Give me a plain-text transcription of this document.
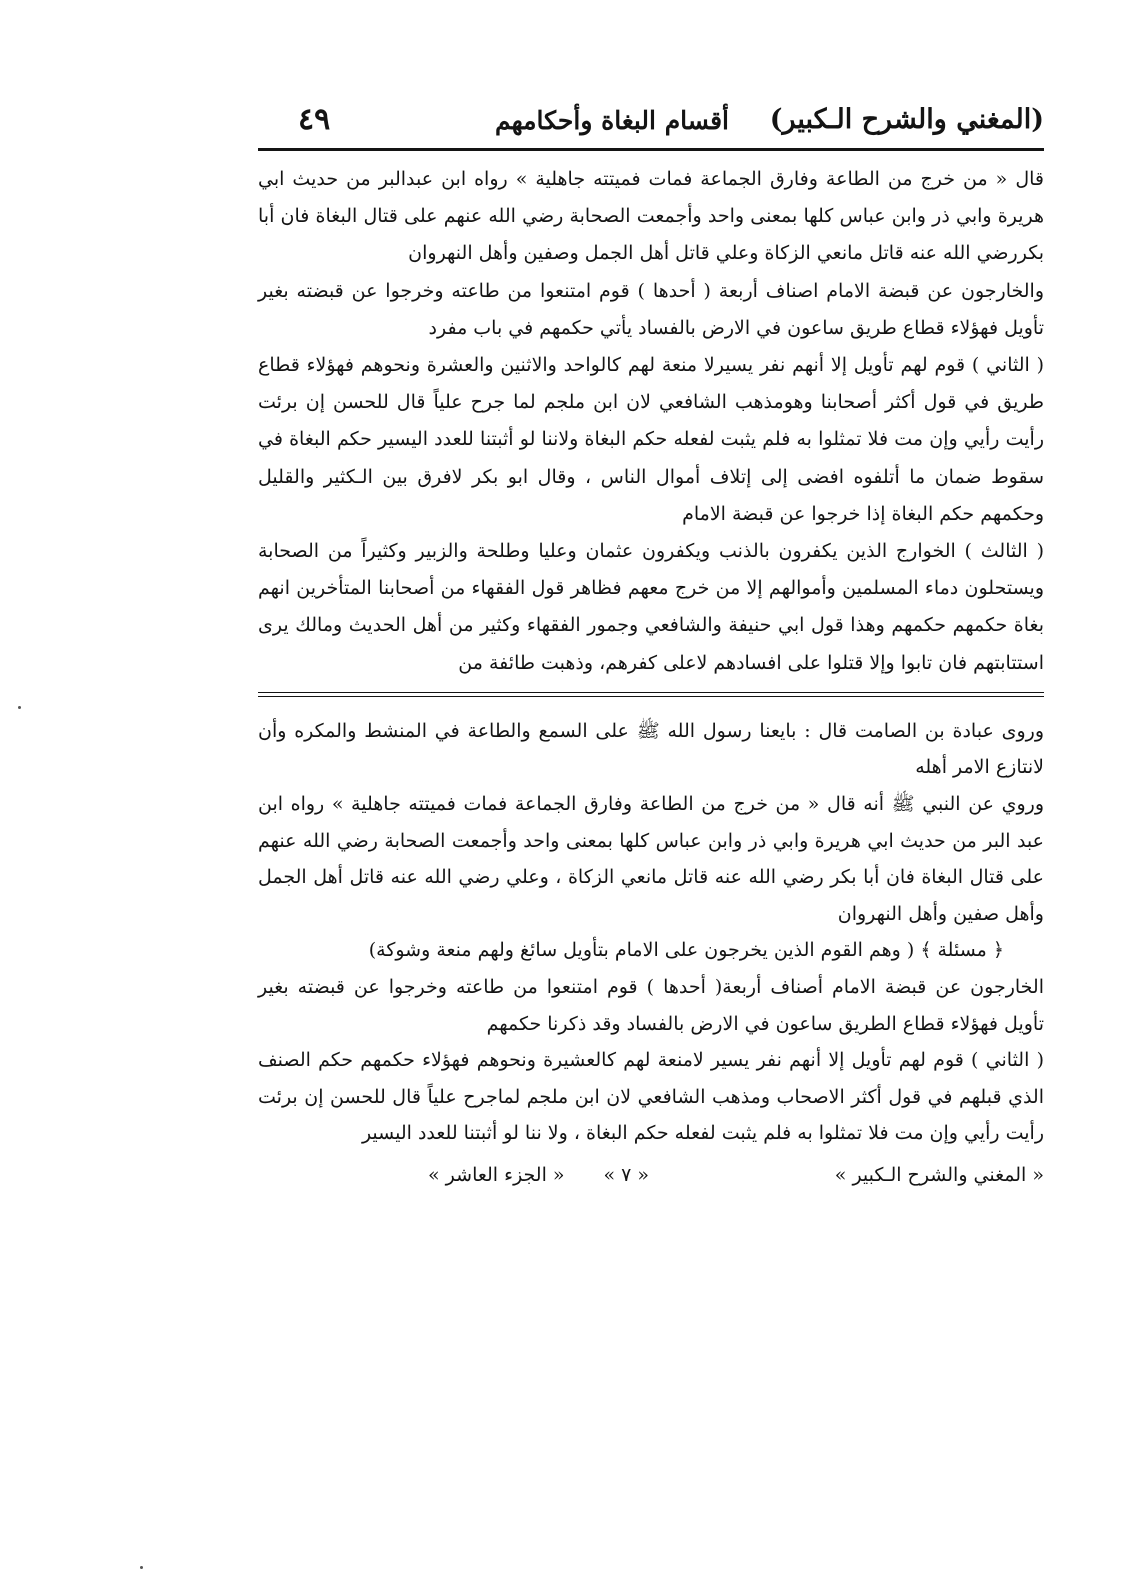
(المغني والشرح الـكبير)
أقسام البغاة وأحكامهم
٤٩

قال « من خرج من الطاعة وفارق الجماعة فمات فميتته جاهلية » رواه ابن عبدالبر من حديث ابي هريرة وابي ذر وابن عباس كلها بمعنى واحد وأجمعت الصحابة رضي الله عنهم على قتال البغاة فان أبا بكررضي الله عنه قاتل مانعي الزكاة وعلي قاتل أهل الجمل وصفين وأهل النهروان

والخارجون عن قبضة الامام اصناف أربعة ( أحدها ) قوم امتنعوا من طاعته وخرجوا عن قبضته بغير تأويل فهؤلاء قطاع طريق ساعون في الارض بالفساد يأتي حكمهم في باب مفرد

( الثاني ) قوم لهم تأويل إلا أنهم نفر يسيرلا منعة لهم كالواحد والاثنين والعشرة ونحوهم فهؤلاء قطاع طريق في قول أكثر أصحابنا وهومذهب الشافعي لان ابن ملجم لما جرح علياً قال للحسن إن برئت رأيت رأيي وإن مت فلا تمثلوا به فلم يثبت لفعله حكم البغاة ولاننا لو أثبتنا للعدد اليسير حكم البغاة في سقوط ضمان ما أتلفوه افضى إلى إتلاف أموال الناس ، وقال ابو بكر لافرق بين الـكثير والقليل وحكمهم حكم البغاة إذا خرجوا عن قبضة الامام

( الثالث ) الخوارج الذين يكفرون بالذنب ويكفرون عثمان وعليا وطلحة والزبير وكثيراً من الصحابة ويستحلون دماء المسلمين وأموالهم إلا من خرج معهم فظاهر قول الفقهاء من أصحابنا المتأخرين انهم بغاة حكمهم حكمهم وهذا قول ابي حنيفة والشافعي وجمور الفقهاء وكثير من أهل الحديث ومالك يرى استتابتهم فان تابوا وإلا قتلوا على افسادهم لاعلى كفرهم، وذهبت طائفة من

وروى عبادة بن الصامت قال : بايعنا رسول الله ﷺ على السمع والطاعة في المنشط والمكره وأن لانتازع الامر أهله

وروي عن النبي ﷺ أنه قال « من خرج من الطاعة وفارق الجماعة فمات فميتته جاهلية » رواه ابن عبد البر من حديث ابي هريرة وابي ذر وابن عباس كلها بمعنى واحد وأجمعت الصحابة رضي الله عنهم على قتال البغاة فان أبا بكر رضي الله عنه قاتل مانعي الزكاة ، وعلي رضي الله عنه قاتل أهل الجمل وأهل صفين وأهل النهروان

﴿ مسئلة ﴾ ( وهم القوم الذين يخرجون على الامام بتأويل سائغ ولهم منعة وشوكة)

الخارجون عن قبضة الامام أصناف أربعة( أحدها ) قوم امتنعوا من طاعته وخرجوا عن قبضته بغير تأويل فهؤلاء قطاع الطريق ساعون في الارض بالفساد وقد ذكرنا حكمهم

( الثاني ) قوم لهم تأويل إلا أنهم نفر يسير لامنعة لهم كالعشيرة ونحوهم فهؤلاء حكمهم حكم الصنف الذي قبلهم في قول أكثر الاصحاب ومذهب الشافعي لان ابن ملجم لماجرح علياً قال للحسن إن برئت رأيت رأيي وإن مت فلا تمثلوا به فلم يثبت لفعله حكم البغاة ، ولا ننا لو أثبتنا للعدد اليسير

« المغني والشرح الـكبير »
« ٧ »
« الجزء العاشر »
